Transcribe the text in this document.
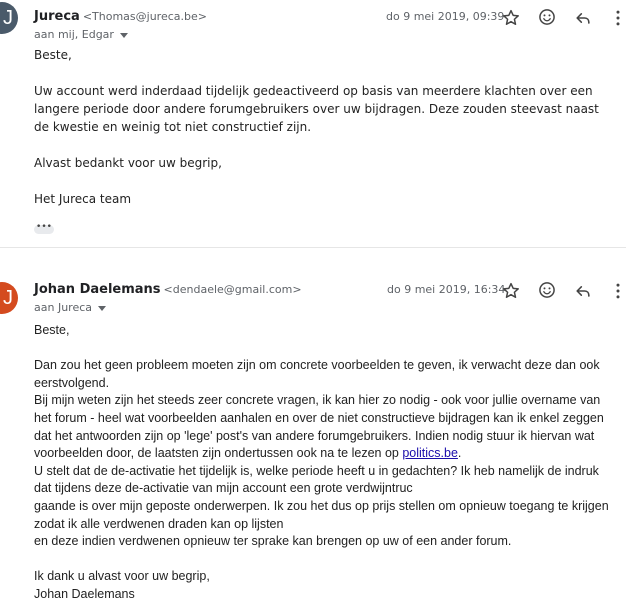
J Jureca <Thomas@jureca.be>
aan mij, Edgar
do 9 mei 2019, 09:39

Beste,

Uw account werd inderdaad tijdelijk gedeactiveerd op basis van meerdere klachten over een langere periode door andere forumgebruikers over uw bijdragen. Deze zouden steevast naast de kwestie en weinig tot niet constructief zijn.

Alvast bedankt voor uw begrip,

Het Jureca team

•••
J Johan Daelemans <dendaele@gmail.com>
aan Jureca
do 9 mei 2019, 16:34

Beste,

Dan zou het geen probleem moeten zijn om concrete voorbeelden te geven, ik verwacht deze dan ook eerstvolgend.

Bij mijn weten zijn het steeds zeer concrete vragen, ik kan hier zo nodig - ook voor jullie overname van het forum - heel wat voorbeelden aanhalen en over de niet constructieve bijdragen kan ik enkel zeggen dat het antwoorden zijn op 'lege' post's van andere forumgebruikers. Indien nodig stuur ik hiervan wat voorbeelden door, de laatsten zijn ondertussen ook na te lezen op politics.be.

U stelt dat de de-activatie het tijdelijk is, welke periode heeft u in gedachten? Ik heb namelijk de indruk dat tijdens deze de-activatie van mijn account een grote verdwijntruc

gaande is over mijn geposte onderwerpen. Ik zou het dus op prijs stellen om opnieuw toegang te krijgen zodat ik alle verdwenen draden kan op lijsten

en deze indien verdwenen opnieuw ter sprake kan brengen op uw of een ander forum.

Ik dank u alvast voor uw begrip,

Johan Daelemans
